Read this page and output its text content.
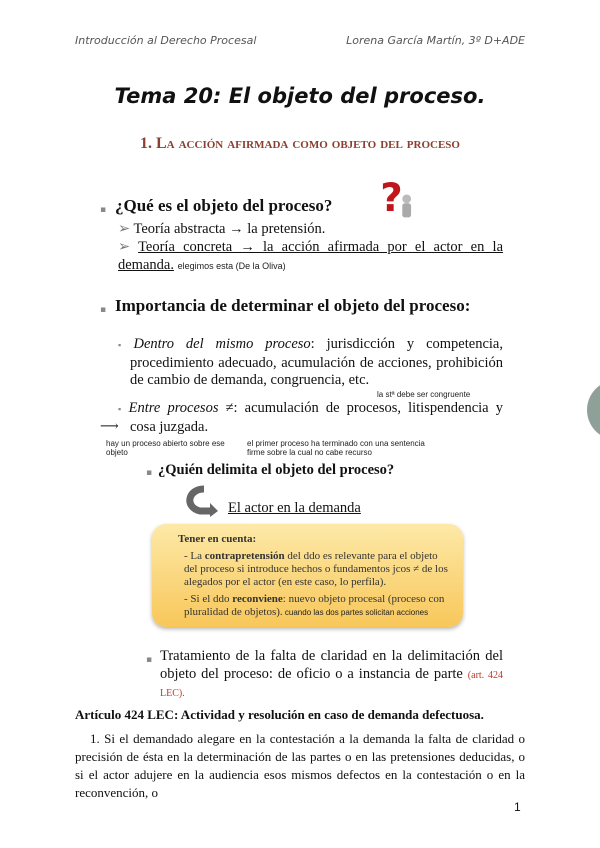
Introducción al Derecho Procesal	Lorena García Martín, 3º D+ADE
Tema 20: El objeto del proceso.
1. La acción afirmada como objeto del proceso
▪ ¿Qué es el objeto del proceso? ?
➢ Teoría abstracta → la pretensión.
➢ Teoría concreta → la acción afirmada por el actor en la demanda. elegimos esta (De la Oliva)
▪ Importancia de determinar el objeto del proceso:
▪ Dentro del mismo proceso: jurisdicción y competencia, procedimiento adecuado, acumulación de acciones, prohibición de cambio de demanda, congruencia, etc.
la stª debe ser congruente
▪ Entre procesos ≠: acumulación de procesos, litispendencia y cosa juzgada.
⟶
hay un proceso abierto sobre ese objeto
el primer proceso ha terminado con una sentencia firme sobre la cual no cabe recurso
▪ ¿Quién delimita el objeto del proceso?
El actor en la demanda
Tener en cuenta:
- La contrapretensión del ddo es relevante para el objeto del proceso si introduce hechos o fundamentos jcos ≠ de los alegados por el actor (en este caso, lo perfila).
- Si el ddo reconviene: nuevo objeto procesal (proceso con pluralidad de objetos). cuando las dos partes solicitan acciones
▪ Tratamiento de la falta de claridad en la delimitación del objeto del proceso: de oficio o a instancia de parte (art. 424 LEC).
Artículo 424 LEC: Actividad y resolución en caso de demanda defectuosa.
1. Si el demandado alegare en la contestación a la demanda la falta de claridad o precisión de ésta en la determinación de las partes o en las pretensiones deducidas, o si el actor adujere en la audiencia esos mismos defectos en la contestación o en la reconvención, o
1
